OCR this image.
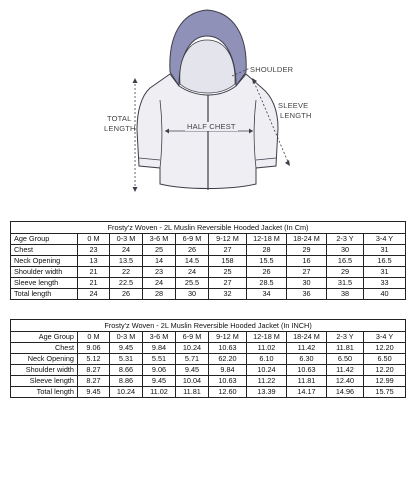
SHOULDER
SLEEVE
LENGTH
TOTAL
LENGTH	HALF CHEST
Frosty'z Woven - 2L Muslin Reversible Hooded Jacket (In Cm)									
Age Group	0 M	0-3 M	3-6 M	6-9 M	9-12 M	12-18 M	18-24 M	2-3 Y	3-4 Y
Chest	23	24	25	26	27	28	29	30	31
Neck Opening	13	13.5	14	14.5	158	15.5	16	16.5	16.5
Shoulder width	21	22	23	24	25	26	27	29	31
Sleeve length	21	22.5	24	25.5	27	28.5	30	31.5	33
Total length	24	26	28	30	32	34	36	38	40
Frosty'z Woven - 2L Muslin Reversible Hooded Jacket (In INCH)									
Age Group	0 M	0-3 M	3-6 M	6-9 M	9-12 M	12-18 M	18-24 M	2-3 Y	3-4 Y
Chest	9.06	9.45	9.84	10.24	10.63	11.02	11.42	11.81	12.20
Neck Opening	5.12	5.31	5.51	5.71	62.20	6.10	6.30	6.50	6.50
Shoulder width	8.27	8.66	9.06	9.45	9.84	10.24	10.63	11.42	12.20
Sleeve length	8.27	8.86	9.45	10.04	10.63	11.22	11.81	12.40	12.99
Total length	9.45	10.24	11.02	11.81	12.60	13.39	14.17	14.96	15.75
